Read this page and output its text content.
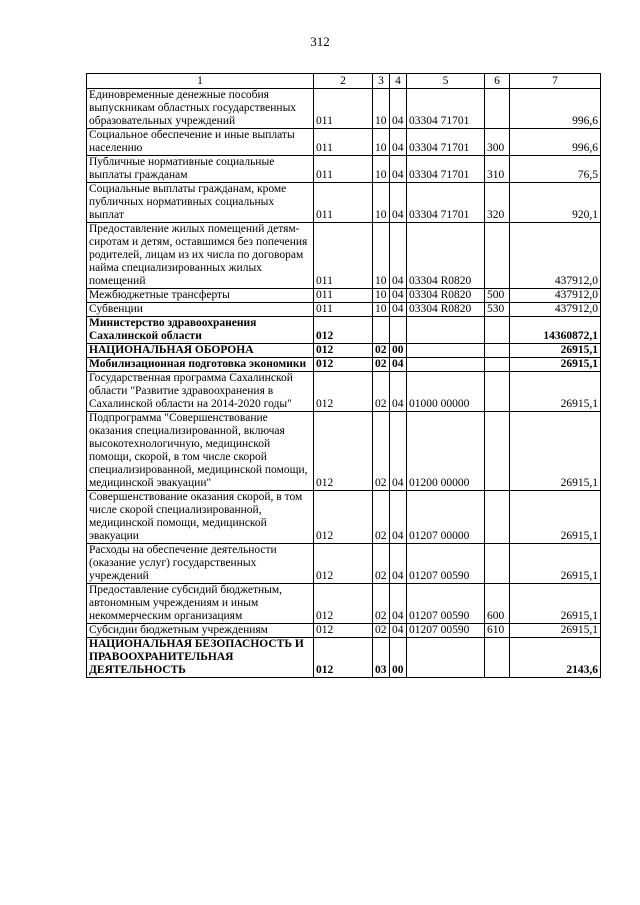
312
1	2	3	4	5	6	7
Единовременные денежные пособия выпускникам областных государственных образовательных учреждений	011	10	04	03304 71701		996,6
Социальное обеспечение и иные выплаты населению	011	10	04	03304 71701	300	996,6
Публичные нормативные социальные выплаты гражданам	011	10	04	03304 71701	310	76,5
Социальные выплаты гражданам, кроме публичных нормативных социальных выплат	011	10	04	03304 71701	320	920,1
Предоставление жилых помещений детям-сиротам и детям, оставшимся без попечения родителей, лицам из их числа по договорам найма специализированных жилых помещений	011	10	04	03304 R0820		437912,0
Межбюджетные трансферты	011	10	04	03304 R0820	500	437912,0
Субвенции	011	10	04	03304 R0820	530	437912,0
Министерство здравоохранения Сахалинской области	012					14360872,1
НАЦИОНАЛЬНАЯ ОБОРОНА	012	02	00			26915,1
Мобилизационная подготовка экономики	012	02	04			26915,1
Государственная программа Сахалинской области "Развитие здравоохранения в Сахалинской области на 2014-2020 годы"	012	02	04	01000 00000		26915,1
Подпрограмма "Совершенствование оказания специализированной, включая высокотехнологичную, медицинской помощи, скорой, в том числе скорой специализированной, медицинской помощи, медицинской эвакуации"	012	02	04	01200 00000		26915,1
Совершенствование оказания скорой, в том числе скорой специализированной, медицинской помощи, медицинской эвакуации	012	02	04	01207 00000		26915,1
Расходы на обеспечение деятельности (оказание услуг) государственных учреждений	012	02	04	01207 00590		26915,1
Предоставление субсидий бюджетным, автономным учреждениям и иным некоммерческим организациям	012	02	04	01207 00590	600	26915,1
Субсидии бюджетным учреждениям	012	02	04	01207 00590	610	26915,1
НАЦИОНАЛЬНАЯ БЕЗОПАСНОСТЬ И ПРАВООХРАНИТЕЛЬНАЯ ДЕЯТЕЛЬНОСТЬ	012	03	00			2143,6
